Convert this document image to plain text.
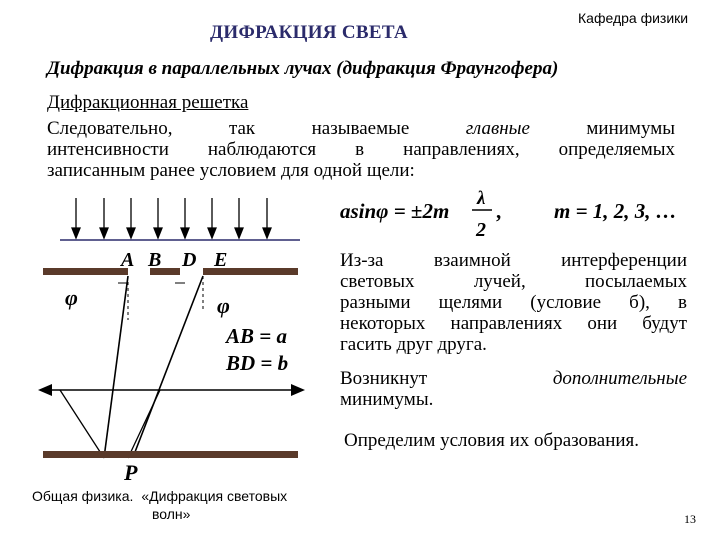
Кафедра физики
ДИФРАКЦИЯ СВЕТА
Дифракция в параллельных лучах (дифракция Фраунгофера)
Дифракционная решетка
Следовательно,	так	называемые	главные	минимумы
интенсивности наблюдаются в направлениях, определяемых
записанным ранее условием для одной щели:
A B D E
φ	φ
AB = a
BD = b
P
asinφ = ±2m
λ
2
,	m = 1, 2, 3, …
Из-за взаимной интерференции
световых лучей, посылаемых
разными щелями (условие б), в
некоторых направлениях они будут
гасить друг друга.
Возникнут	дополнительные
минимумы.
Определим условия их образования.
Общая физика. «Дифракция световых
волн»	13
